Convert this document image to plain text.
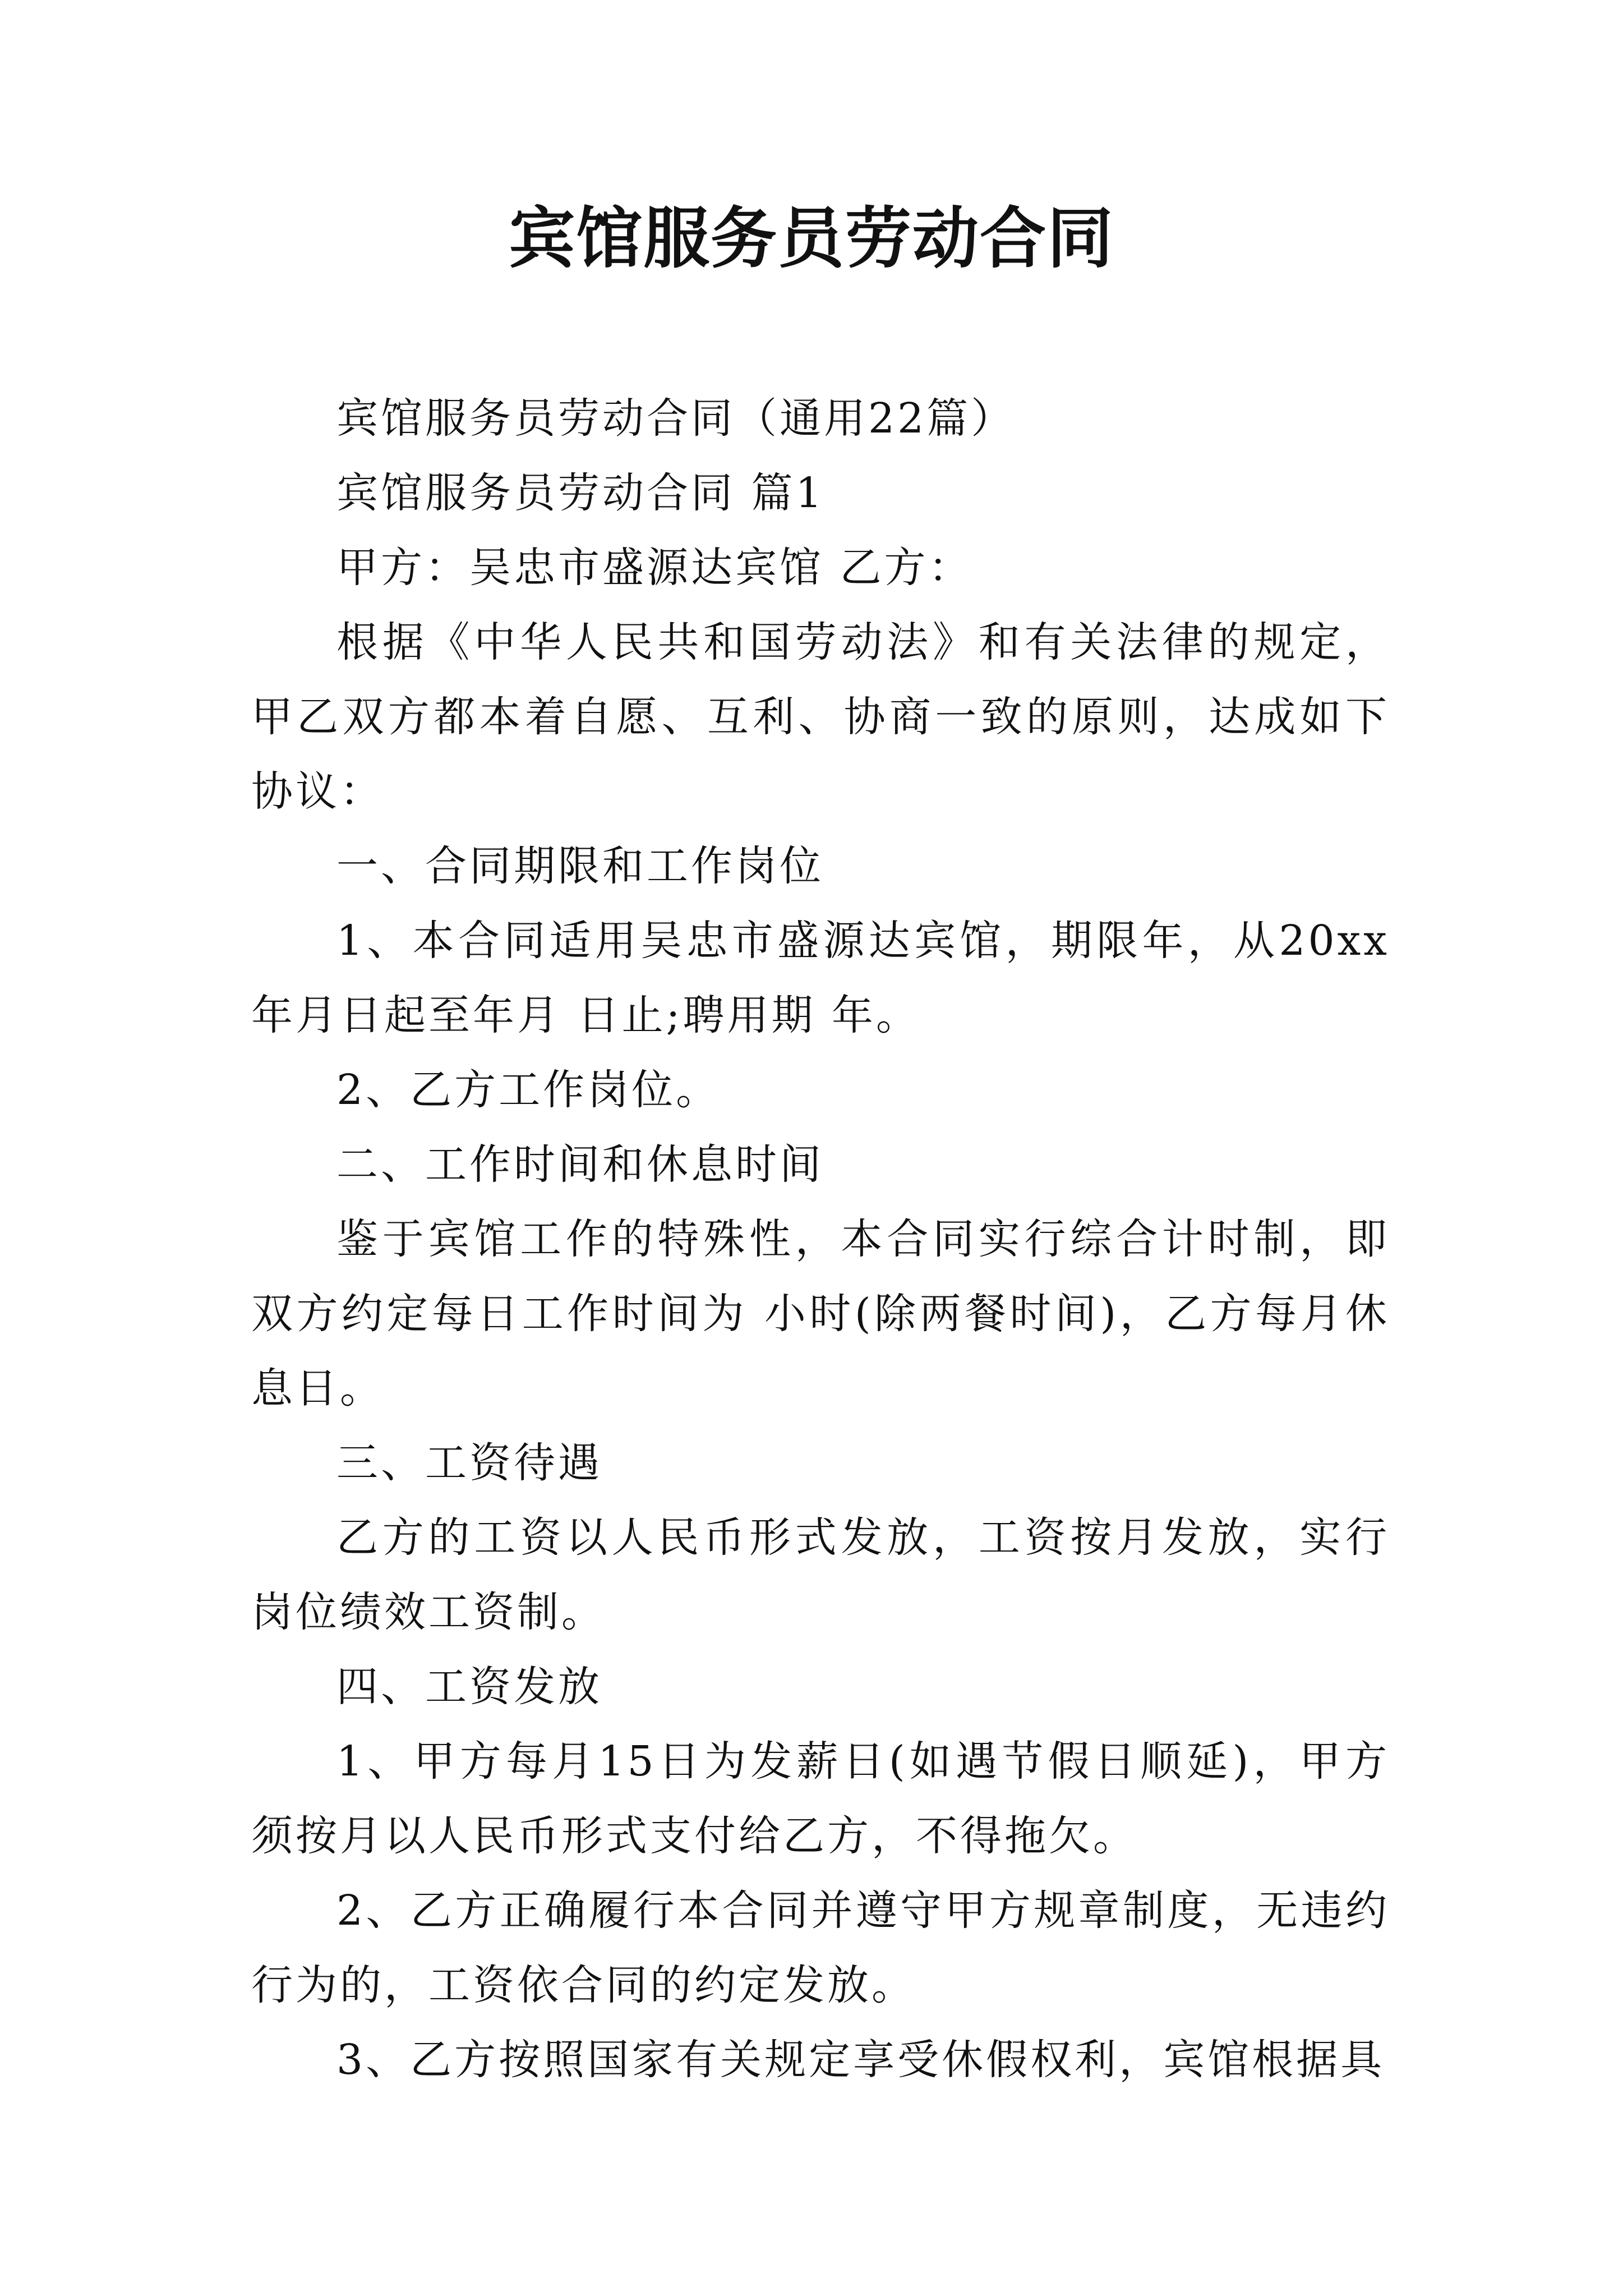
宾馆服务员劳动合同

宾馆服务员劳动合同（通用22篇）

宾馆服务员劳动合同 篇1

甲方：吴忠市盛源达宾馆 乙方：

根据《中华人民共和国劳动法》和有关法律的规定，甲乙双方都本着自愿、互利、协商一致的原则，达成如下协议：

一、合同期限和工作岗位

1、本合同适用吴忠市盛源达宾馆，期限年，从20xx年月日起至年月 日止;聘用期 年。

2、乙方工作岗位。

二、工作时间和休息时间

鉴于宾馆工作的特殊性，本合同实行综合计时制，即双方约定每日工作时间为 小时(除两餐时间)，乙方每月休息日。

三、工资待遇

乙方的工资以人民币形式发放，工资按月发放，实行岗位绩效工资制。

四、工资发放

1、甲方每月15日为发薪日(如遇节假日顺延)，甲方须按月以人民币形式支付给乙方，不得拖欠。

2、乙方正确履行本合同并遵守甲方规章制度，无违约行为的，工资依合同的约定发放。

3、乙方按照国家有关规定享受休假权利，宾馆根据具
